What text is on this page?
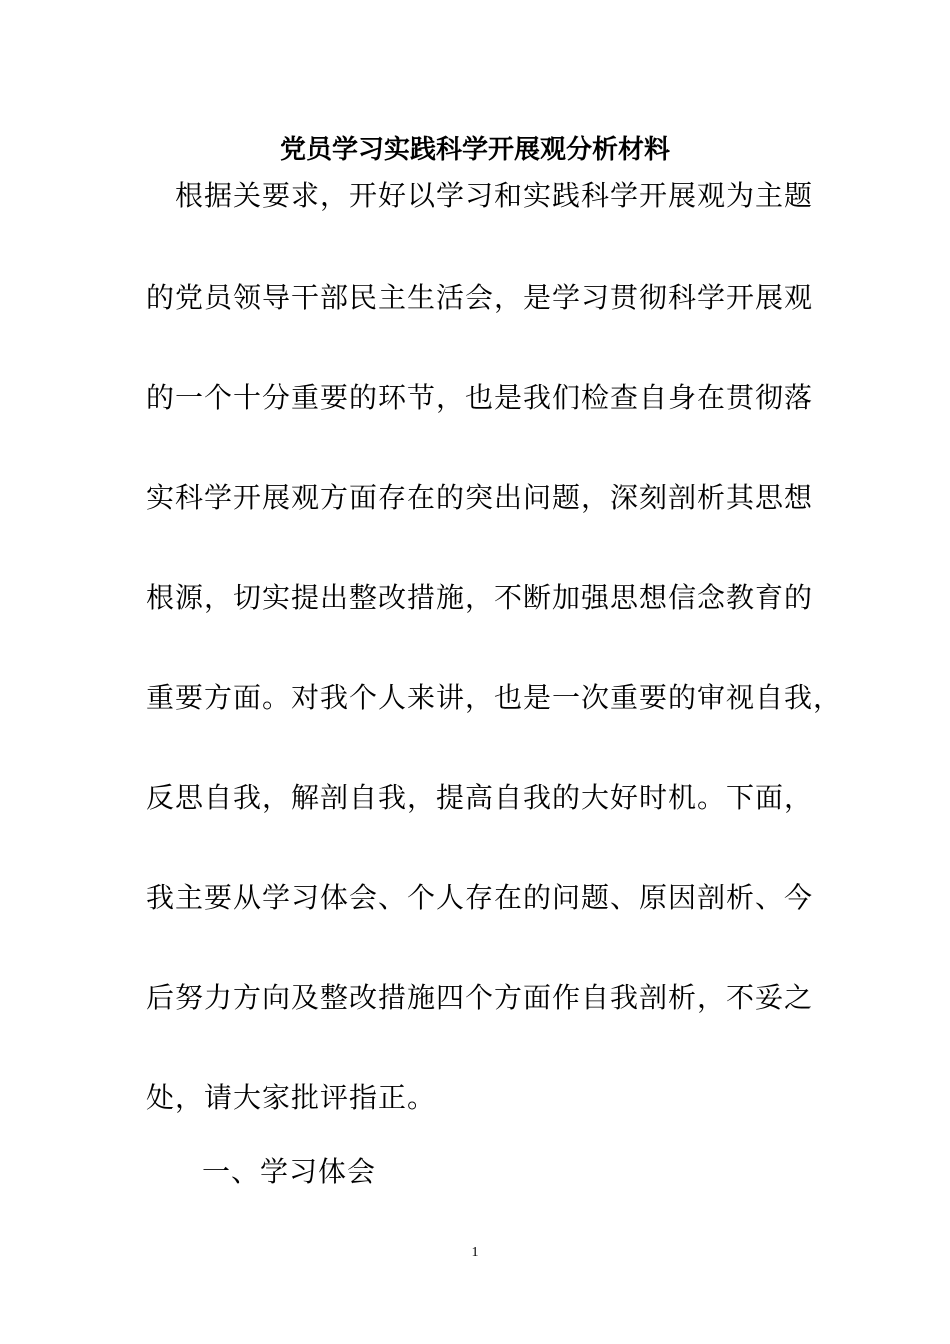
党员学习实践科学开展观分析材料
根据关要求，开好以学习和实践科学开展观为主题
的党员领导干部民主生活会，是学习贯彻科学开展观
的一个十分重要的环节，也是我们检查自身在贯彻落
实科学开展观方面存在的突出问题，深刻剖析其思想
根源，切实提出整改措施，不断加强思想信念教育的
重要方面。对我个人来讲，也是一次重要的审视自我，
反思自我，解剖自我，提高自我的大好时机。下面，
我主要从学习体会、个人存在的问题、原因剖析、今
后努力方向及整改措施四个方面作自我剖析，不妥之
处，请大家批评指正。
一、学习体会
1
